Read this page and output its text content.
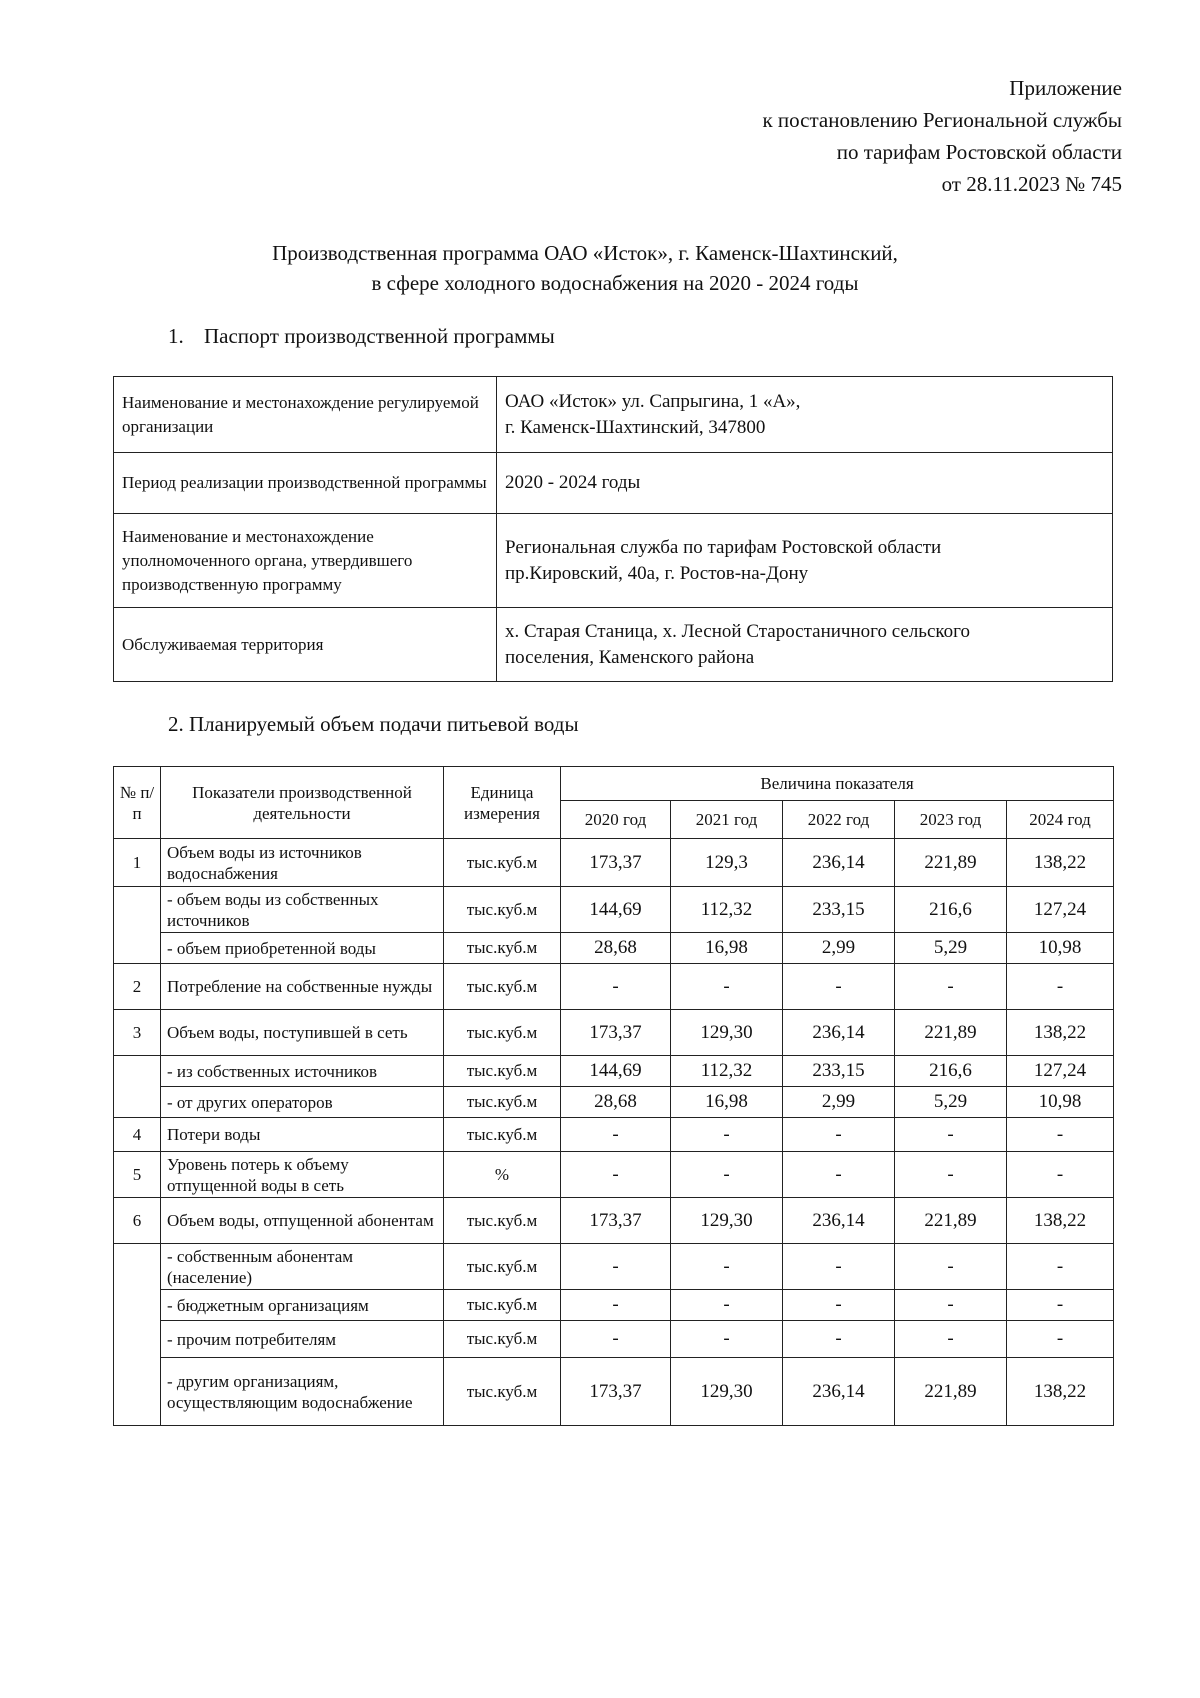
Приложение
к постановлению Региональной службы
по тарифам Ростовской области
от 28.11.2023 № 745
Производственная программа ОАО «Исток», г. Каменск-Шахтинский,
в сфере холодного водоснабжения на 2020 - 2024 годы
1. Паспорт производственной программы
Наименование и местонахождение регулируемой организации	ОАО «Исток» ул. Сапрыгина, 1 «А»,
г. Каменск-Шахтинский, 347800

Период реализации производственной программы	2020 - 2024 годы

Наименование и местонахождение уполномоченного органа, утвердившего производственную программу	Региональная служба по тарифам Ростовской области
пр.Кировский, 40а, г. Ростов-на-Дону

Обслуживаемая территория	х. Старая Станица, х. Лесной Старостаничного сельского
поселения, Каменского района
2. Планируемый объем подачи питьевой воды
№ п/п	Показатели производственной деятельности	Единица измерения	Величина показателя				
			2020 год	2021 год	2022 год	2023 год	2024 год
1	Объем воды из источников водоснабжения	тыс.куб.м	173,37	129,3	236,14	221,89	138,22
	- объем воды из собственных источников	тыс.куб.м	144,69	112,32	233,15	216,6	127,24
	- объем приобретенной воды	тыс.куб.м	28,68	16,98	2,99	5,29	10,98
2	Потребление на собственные нужды	тыс.куб.м	-	-	-	-	-
3	Объем воды, поступившей в сеть	тыс.куб.м	173,37	129,30	236,14	221,89	138,22
	- из собственных источников	тыс.куб.м	144,69	112,32	233,15	216,6	127,24
	- от других операторов	тыс.куб.м	28,68	16,98	2,99	5,29	10,98
4	Потери воды	тыс.куб.м	-	-	-	-	-
5	Уровень потерь к объему отпущенной воды в сеть	%	-	-	-	-	-
6	Объем воды, отпущенной абонентам	тыс.куб.м	173,37	129,30	236,14	221,89	138,22
	- собственным абонентам (население)	тыс.куб.м	-	-	-	-	-
	- бюджетным организациям	тыс.куб.м	-	-	-	-	-
	- прочим потребителям	тыс.куб.м	-	-	-	-	-
	- другим организациям, осуществляющим водоснабжение	тыс.куб.м	173,37	129,30	236,14	221,89	138,22
